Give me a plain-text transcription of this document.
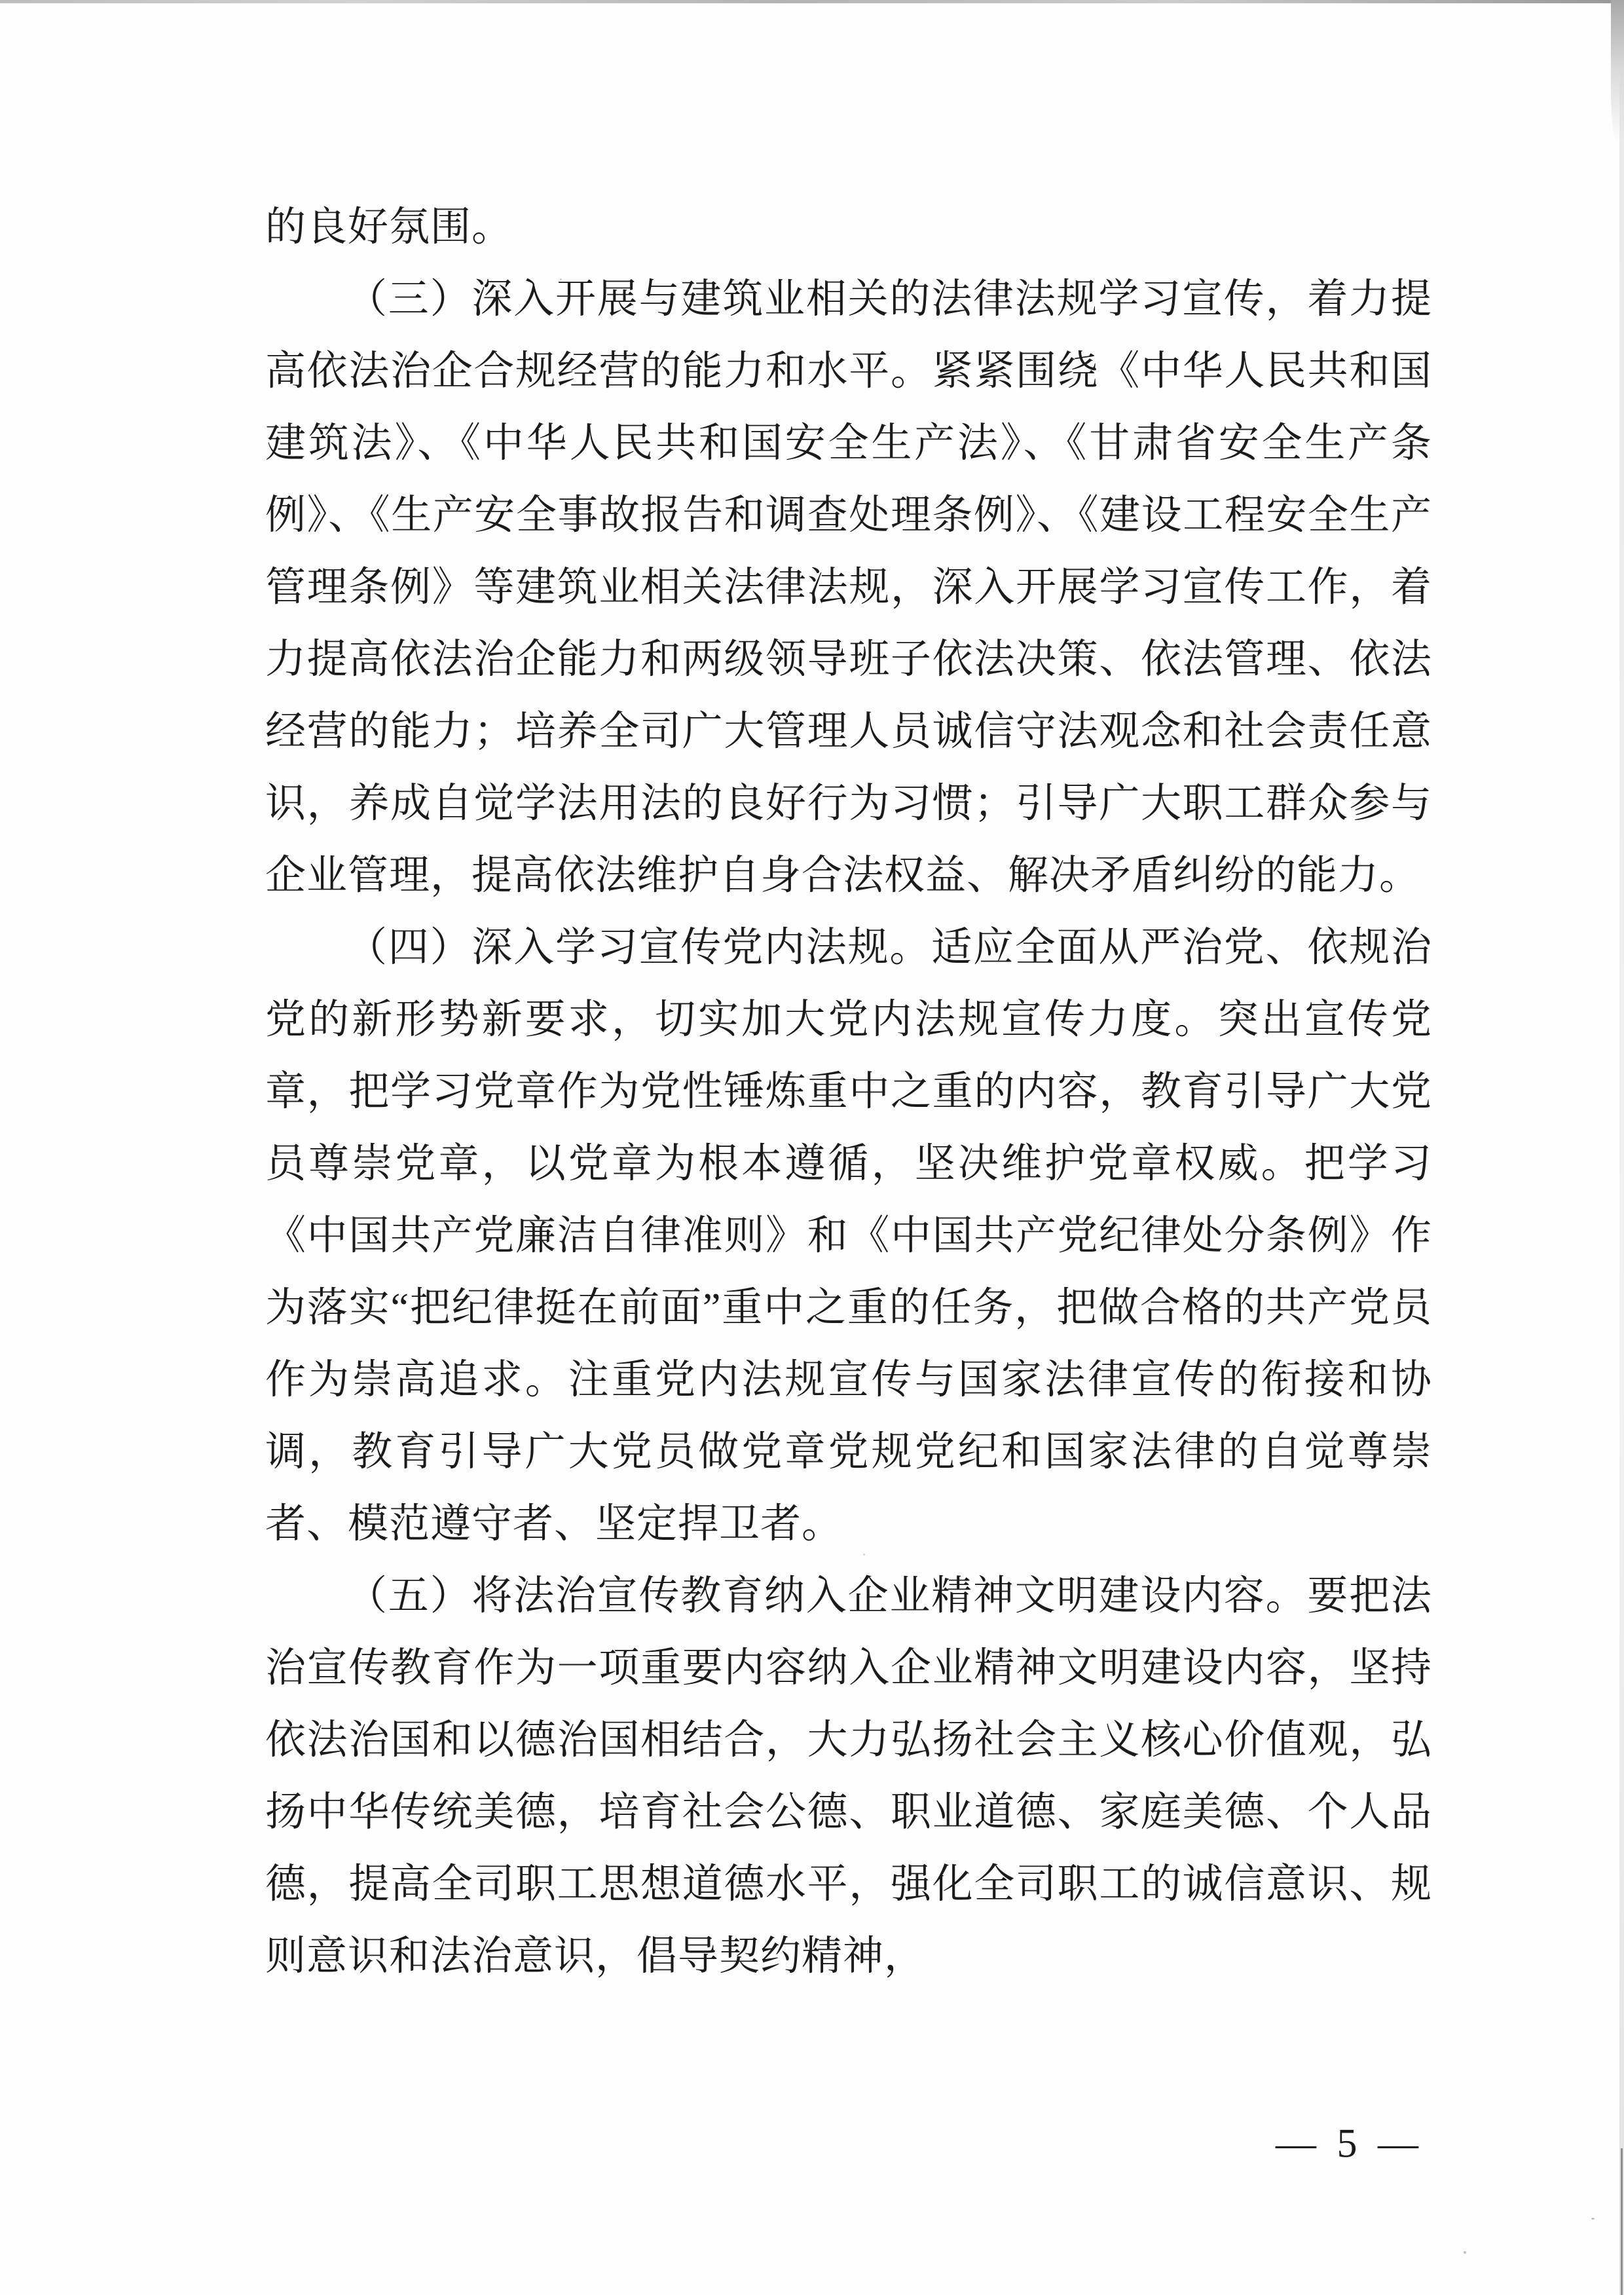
的良好氛围。

（三）深入开展与建筑业相关的法律法规学习宣传，着力提高依法治企合规经营的能力和水平。紧紧围绕《中华人民共和国建筑法》、《中华人民共和国安全生产法》、《甘肃省安全生产条例》、《生产安全事故报告和调查处理条例》、《建设工程安全生产管理条例》等建筑业相关法律法规，深入开展学习宣传工作，着力提高依法治企能力和两级领导班子依法决策、依法管理、依法经营的能力；培养全司广大管理人员诚信守法观念和社会责任意识，养成自觉学法用法的良好行为习惯；引导广大职工群众参与企业管理，提高依法维护自身合法权益、解决矛盾纠纷的能力。

（四）深入学习宣传党内法规。适应全面从严治党、依规治党的新形势新要求，切实加大党内法规宣传力度。突出宣传党章，把学习党章作为党性锤炼重中之重的内容，教育引导广大党员尊崇党章，以党章为根本遵循，坚决维护党章权威。把学习《中国共产党廉洁自律准则》和《中国共产党纪律处分条例》作为落实“把纪律挺在前面”重中之重的任务，把做合格的共产党员作为崇高追求。注重党内法规宣传与国家法律宣传的衔接和协调，教育引导广大党员做党章党规党纪和国家法律的自觉尊崇者、模范遵守者、坚定捍卫者。

（五）将法治宣传教育纳入企业精神文明建设内容。要把法治宣传教育作为一项重要内容纳入企业精神文明建设内容，坚持依法治国和以德治国相结合，大力弘扬社会主义核心价值观，弘扬中华传统美德，培育社会公德、职业道德、家庭美德、个人品德，提高全司职工思想道德水平，强化全司职工的诚信意识、规则意识和法治意识，倡导契约精神，

— 5 —
